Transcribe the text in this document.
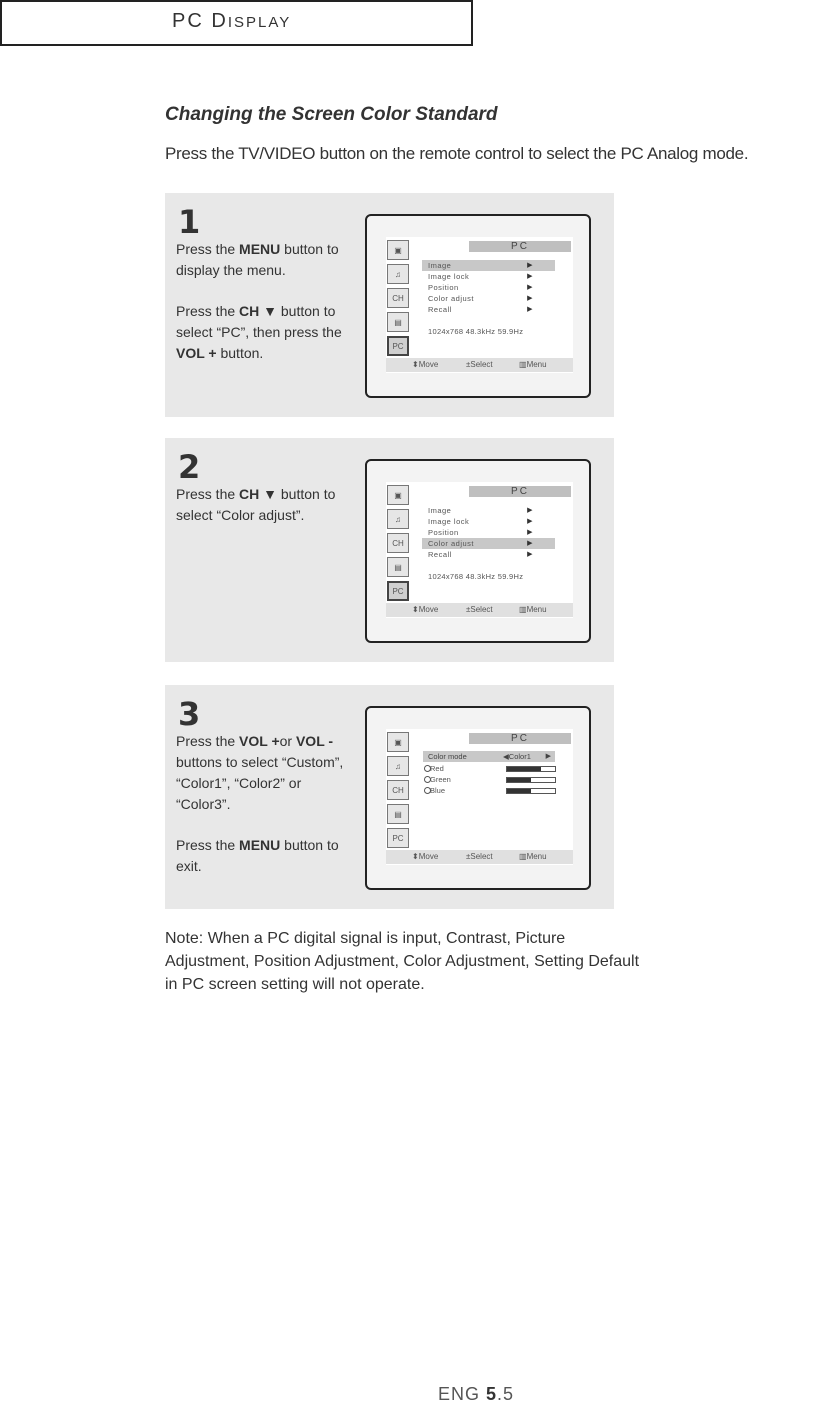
PC DISPLAY
Changing the Screen Color Standard
Press the TV/VIDEO button on the remote control to select the PC Analog mode.
1

Press the MENU button to display the menu.

Press the CH ▼ button to select “PC”, then press the VOL + button.

▣
♫
CH
▤
PC
PC
Image	▶
Image lock	▶
Position	▶
Color adjust	▶
Recall	▶
1024x768 48.3kHz 59.9Hz
⬍ Move	± Select	▥ Menu
2

Press the CH ▼ button to select “Color adjust”.

▣
♫
CH
▤
PC
PC
Image	▶
Image lock	▶
Position	▶
Color adjust	▶
Recall	▶
1024x768 48.3kHz 59.9Hz
⬍ Move	± Select	▥ Menu
3

Press the VOL +or VOL - buttons to select “Custom”, “Color1”, “Color2” or “Color3”.

Press the MENU button to exit.

▣
♫
CH
▤
PC
PC
Color mode	◀Color1 ▶
Red
Green
Blue
⬍ Move	± Select	▥ Menu
Note: When a PC digital signal is input, Contrast, Picture Adjustment, Position Adjustment, Color Adjustment, Setting Default in PC screen setting will not operate.
ENG 5.5
